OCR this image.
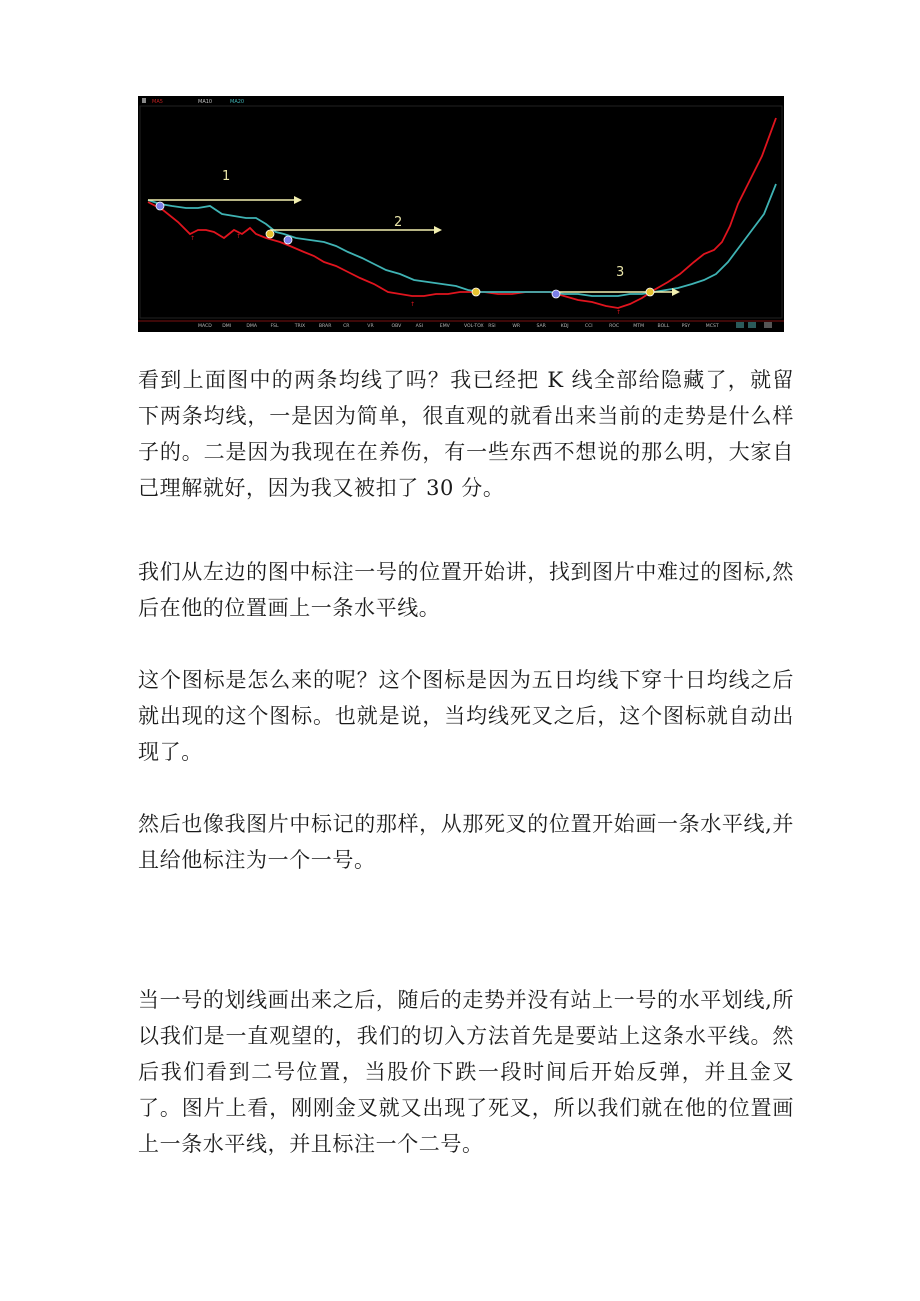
MA5	MA10	MA20
1
2
3
↑	↑
↑
↑
MACD DMI	DMA	FSL	TRIX	BRAR	CR	VR	OBV	ASI	EMV	VOL-TOX RSI	WR	SAR	KDJ	CCI	ROC	MTM	BOLL	PSY	MCST

看到上面图中的两条均线了吗？我已经把 K 线全部给隐藏了，就留下两条均线，一是因为简单，很直观的就看出来当前的走势是什么样子的。二是因为我现在在养伤，有一些东西不想说的那么明，大家自己理解就好，因为我又被扣了 30 分。

我们从左边的图中标注一号的位置开始讲，找到图片中难过的图标,然后在他的位置画上一条水平线。

这个图标是怎么来的呢？这个图标是因为五日均线下穿十日均线之后就出现的这个图标。也就是说，当均线死叉之后，这个图标就自动出现了。

然后也像我图片中标记的那样，从那死叉的位置开始画一条水平线,并且给他标注为一个一号。

当一号的划线画出来之后，随后的走势并没有站上一号的水平划线,所以我们是一直观望的，我们的切入方法首先是要站上这条水平线。然后我们看到二号位置，当股价下跌一段时间后开始反弹，并且金叉了。图片上看，刚刚金叉就又出现了死叉，所以我们就在他的位置画上一条水平线，并且标注一个二号。
